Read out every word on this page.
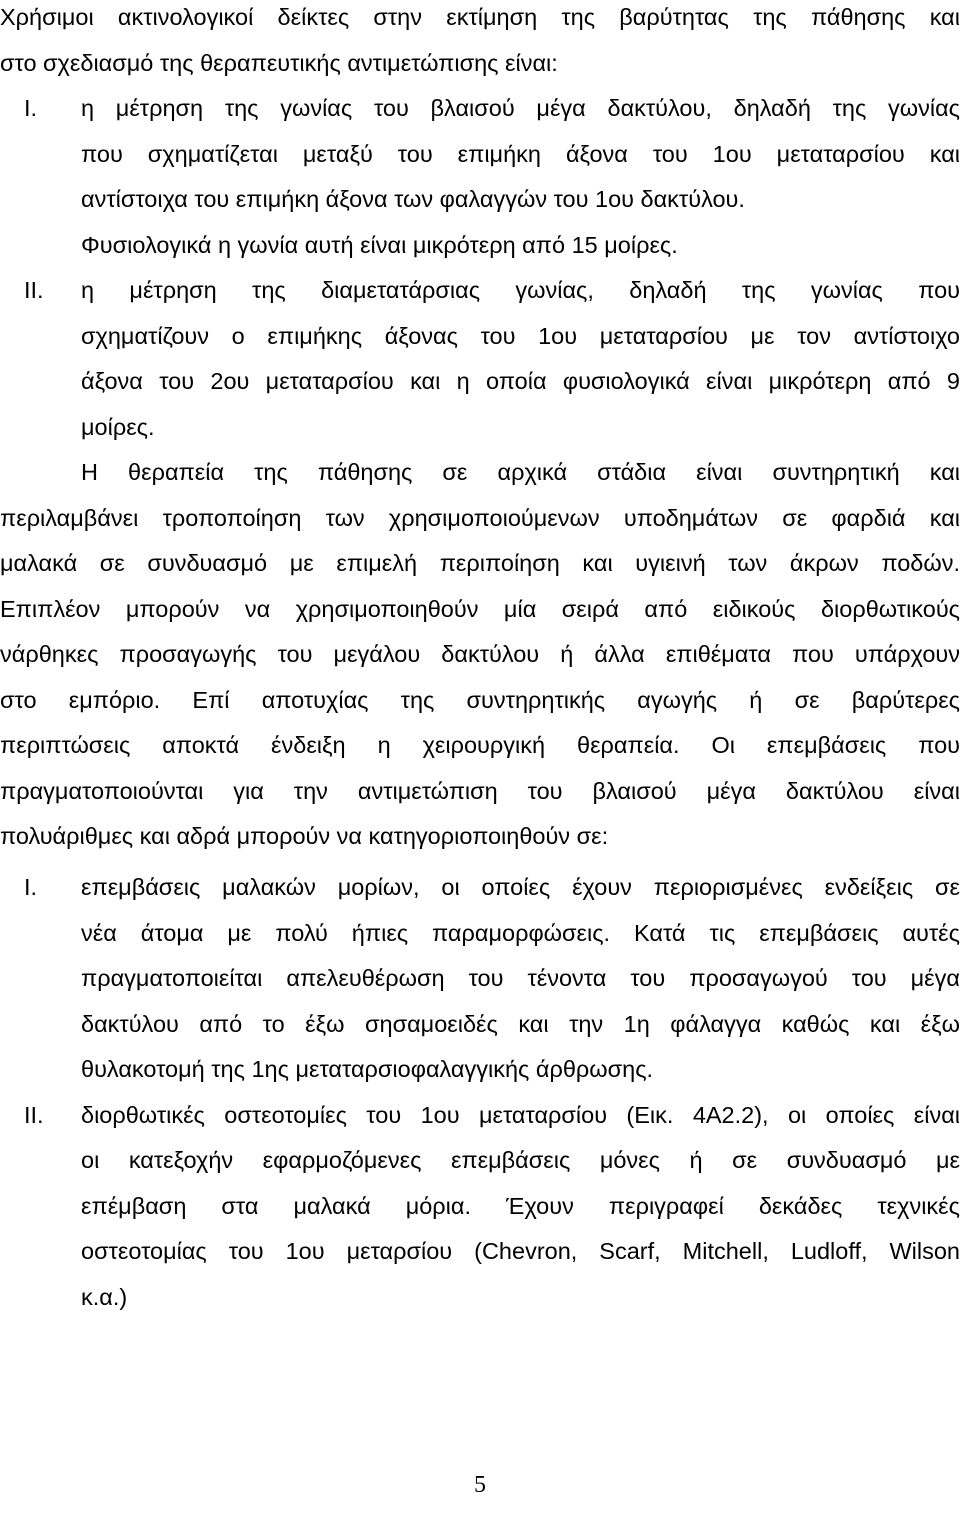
Χρήσιμοι ακτινολογικοί δείκτες στην εκτίμηση της βαρύτητας της πάθησης και
στο σχεδιασμό της θεραπευτικής αντιμετώπισης είναι:
I. η μέτρηση της γωνίας του βλαισού μέγα δακτύλου, δηλαδή της γωνίας
που σχηματίζεται μεταξύ του επιμήκη άξονα του 1ου μεταταρσίου και
αντίστοιχα του επιμήκη άξονα των φαλαγγών του 1ου δακτύλου.
Φυσιολογικά η γωνία αυτή είναι μικρότερη από 15 μοίρες.
II. η μέτρηση της διαμετατάρσιας γωνίας, δηλαδή της γωνίας που
σχηματίζουν ο επιμήκης άξονας του 1ου μεταταρσίου με τον αντίστοιχο
άξονα του 2ου μεταταρσίου και η οποία φυσιολογικά είναι μικρότερη από 9
μοίρες.
Η θεραπεία της πάθησης σε αρχικά στάδια είναι συντηρητική και
περιλαμβάνει τροποποίηση των χρησιμοποιούμενων υποδημάτων σε φαρδιά και
μαλακά σε συνδυασμό με επιμελή περιποίηση και υγιεινή των άκρων ποδών.
Επιπλέον μπορούν να χρησιμοποιηθούν μία σειρά από ειδικούς διορθωτικούς
νάρθηκες προσαγωγής του μεγάλου δακτύλου ή άλλα επιθέματα που υπάρχουν
στο εμπόριο. Επί αποτυχίας της συντηρητικής αγωγής ή σε βαρύτερες
περιπτώσεις αποκτά ένδειξη η χειρουργική θεραπεία. Οι επεμβάσεις που
πραγματοποιούνται για την αντιμετώπιση του βλαισού μέγα δακτύλου είναι
πολυάριθμες και αδρά μπορούν να κατηγοριοποιηθούν σε:
I. επεμβάσεις μαλακών μορίων, οι οποίες έχουν περιορισμένες ενδείξεις σε
νέα άτομα με πολύ ήπιες παραμορφώσεις. Κατά τις επεμβάσεις αυτές
πραγματοποιείται απελευθέρωση του τένοντα του προσαγωγού του μέγα
δακτύλου από το έξω σησαμοειδές και την 1η φάλαγγα καθώς και έξω
θυλακοτομή της 1ης μεταταρσιοφαλαγγικής άρθρωσης.
II. διορθωτικές οστεοτομίες του 1ου μεταταρσίου (Εικ. 4Α2.2), οι οποίες είναι
οι κατεξοχήν εφαρμοζόμενες επεμβάσεις μόνες ή σε συνδυασμό με
επέμβαση στα μαλακά μόρια. Έχουν περιγραφεί δεκάδες τεχνικές
οστεοτομίας του 1ου μεταρσίου (Chevron, Scarf, Mitchell, Ludloff, Wilson
κ.α.)
5
